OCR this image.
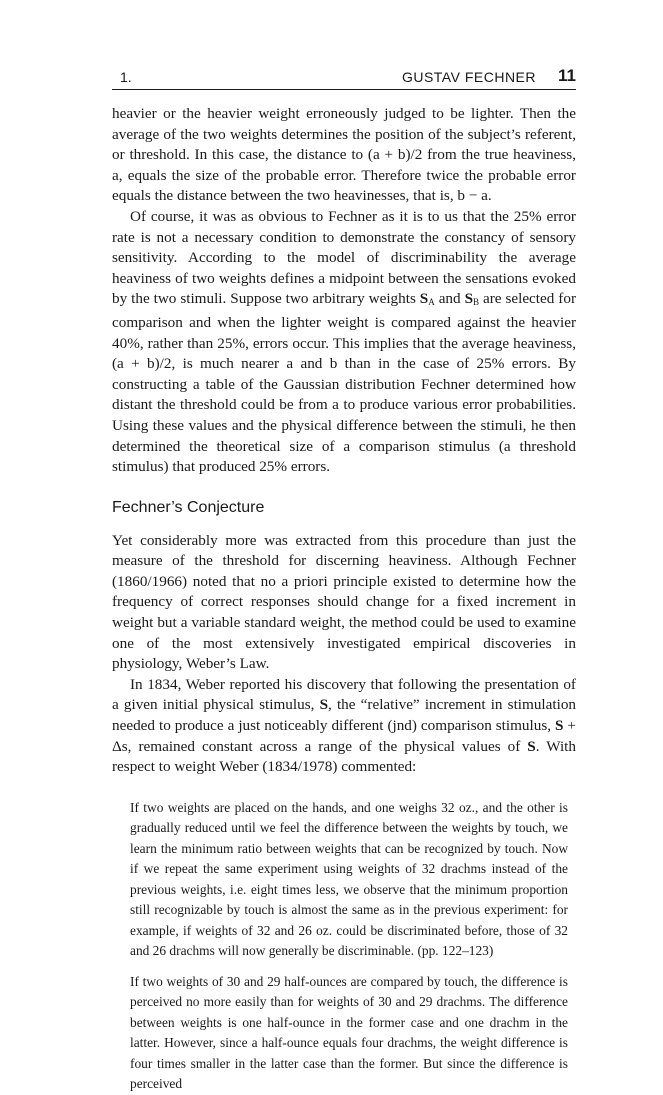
1.	GUSTAV FECHNER 11

heavier or the heavier weight erroneously judged to be lighter. Then the average of the two weights determines the position of the subject’s referent, or threshold. In this case, the distance to (a + b)/2 from the true heaviness, a, equals the size of the probable error. Therefore twice the probable error equals the distance between the two heavinesses, that is, b − a.

Of course, it was as obvious to Fechner as it is to us that the 25% error rate is not a necessary condition to demonstrate the constancy of sensory sensitivity. According to the model of discriminability the average heaviness of two weights defines a midpoint between the sensations evoked by the two stimuli. Suppose two arbitrary weights $S_A$ and $S_B$ are selected for comparison and when the lighter weight is compared against the heavier 40%, rather than 25%, errors occur. This implies that the average heaviness, (a + b)/2, is much nearer a and b than in the case of 25% errors. By constructing a table of the Gaussian distribution Fechner determined how distant the threshold could be from a to produce various error probabilities. Using these values and the physical difference between the stimuli, he then determined the theoretical size of a comparison stimulus (a threshold stimulus) that produced 25% errors.

Fechner’s Conjecture

Yet considerably more was extracted from this procedure than just the measure of the threshold for discerning heaviness. Although Fechner (1860/1966) noted that no a priori principle existed to determine how the frequency of correct responses should change for a fixed increment in weight but a variable standard weight, the method could be used to examine one of the most extensively investigated empirical discoveries in physiology, Weber’s Law.

In 1834, Weber reported his discovery that following the presentation of a given initial physical stimulus, S, the “relative” increment in stimulation needed to produce a just noticeably different (jnd) comparison stimulus, S + Δs, remained constant across a range of the physical values of S. With respect to weight Weber (1834/1978) commented:

If two weights are placed on the hands, and one weighs 32 oz., and the other is gradually reduced until we feel the difference between the weights by touch, we learn the minimum ratio between weights that can be recognized by touch. Now if we repeat the same experiment using weights of 32 drachms instead of the previous weights, i.e. eight times less, we observe that the minimum proportion still recognizable by touch is almost the same as in the previous experiment: for example, if weights of 32 and 26 oz. could be discriminated before, those of 32 and 26 drachms will now generally be discriminable. (pp. 122–123)

If two weights of 30 and 29 half-ounces are compared by touch, the difference is perceived no more easily than for weights of 30 and 29 drachms. The difference between weights is one half-ounce in the former case and one drachm in the latter. However, since a half-ounce equals four drachms, the weight difference is four times smaller in the latter case than the former. But since the difference is perceived
